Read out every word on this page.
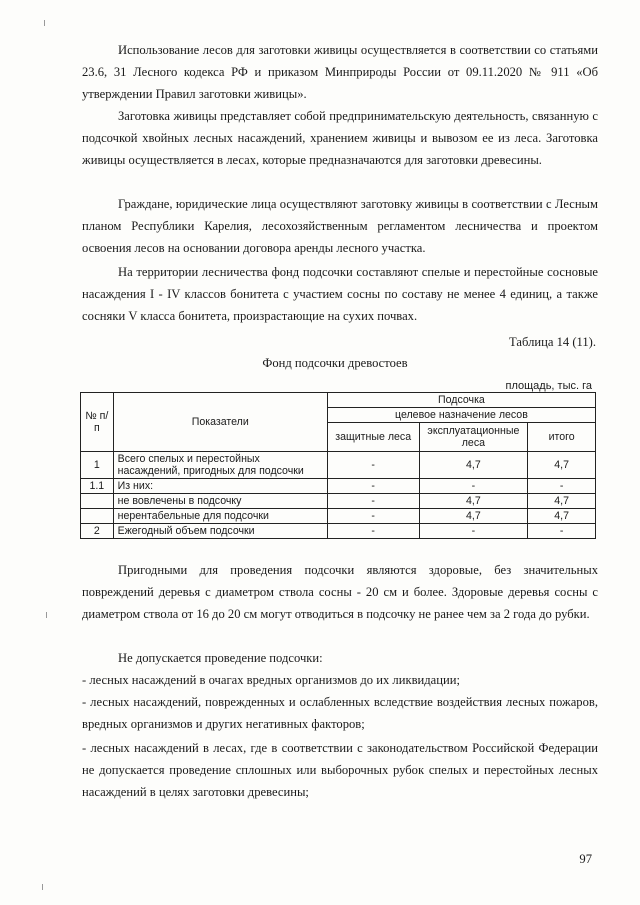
Использование лесов для заготовки живицы осуществляется в соответствии со статьями 23.6, 31 Лесного кодекса РФ и приказом Минприроды России от 09.11.2020 № 911 «Об утверждении Правил заготовки живицы».

Заготовка живицы представляет собой предпринимательскую деятельность, связанную с подсочкой хвойных лесных насаждений, хранением живицы и вывозом ее из леса. Заготовка живицы осуществляется в лесах, которые предназначаются для заготовки древесины.

Граждане, юридические лица осуществляют заготовку живицы в соответствии с Лесным планом Республики Карелия, лесохозяйственным регламентом лесничества и проектом освоения лесов на основании договора аренды лесного участка.

На территории лесничества фонд подсочки составляют спелые и перестойные сосновые насаждения I - IV классов бонитета с участием сосны по составу не менее 4 единиц, а также сосняки V класса бонитета, произрастающие на сухих почвах.

Таблица 14 (11).
Фонд подсочки древостоев
площадь, тыс. га
№ п/п	Показатели	Подсочка		
		целевое назначение лесов		
		защитные леса	эксплуатационные леса	итого
1	Всего спелых и перестойных насаждений, пригодных для подсочки	-	4,7	4,7
1.1	Из них:	-	-	-
	не вовлечены в подсочку	-	4,7	4,7
	нерентабельные для подсочки	-	4,7	4,7
2	Ежегодный объем подсочки	-	-	-

Пригодными для проведения подсочки являются здоровые, без значительных повреждений деревья с диаметром ствола сосны - 20 см и более. Здоровые деревья сосны с диаметром ствола от 16 до 20 см могут отводиться в подсочку не ранее чем за 2 года до рубки.

Не допускается проведение подсочки:

- лесных насаждений в очагах вредных организмов до их ликвидации;

- лесных насаждений, поврежденных и ослабленных вследствие воздействия лесных пожаров, вредных организмов и других негативных факторов;

- лесных насаждений в лесах, где в соответствии с законодательством Российской Федерации не допускается проведение сплошных или выборочных рубок спелых и перестойных лесных насаждений в целях заготовки древесины;

97
